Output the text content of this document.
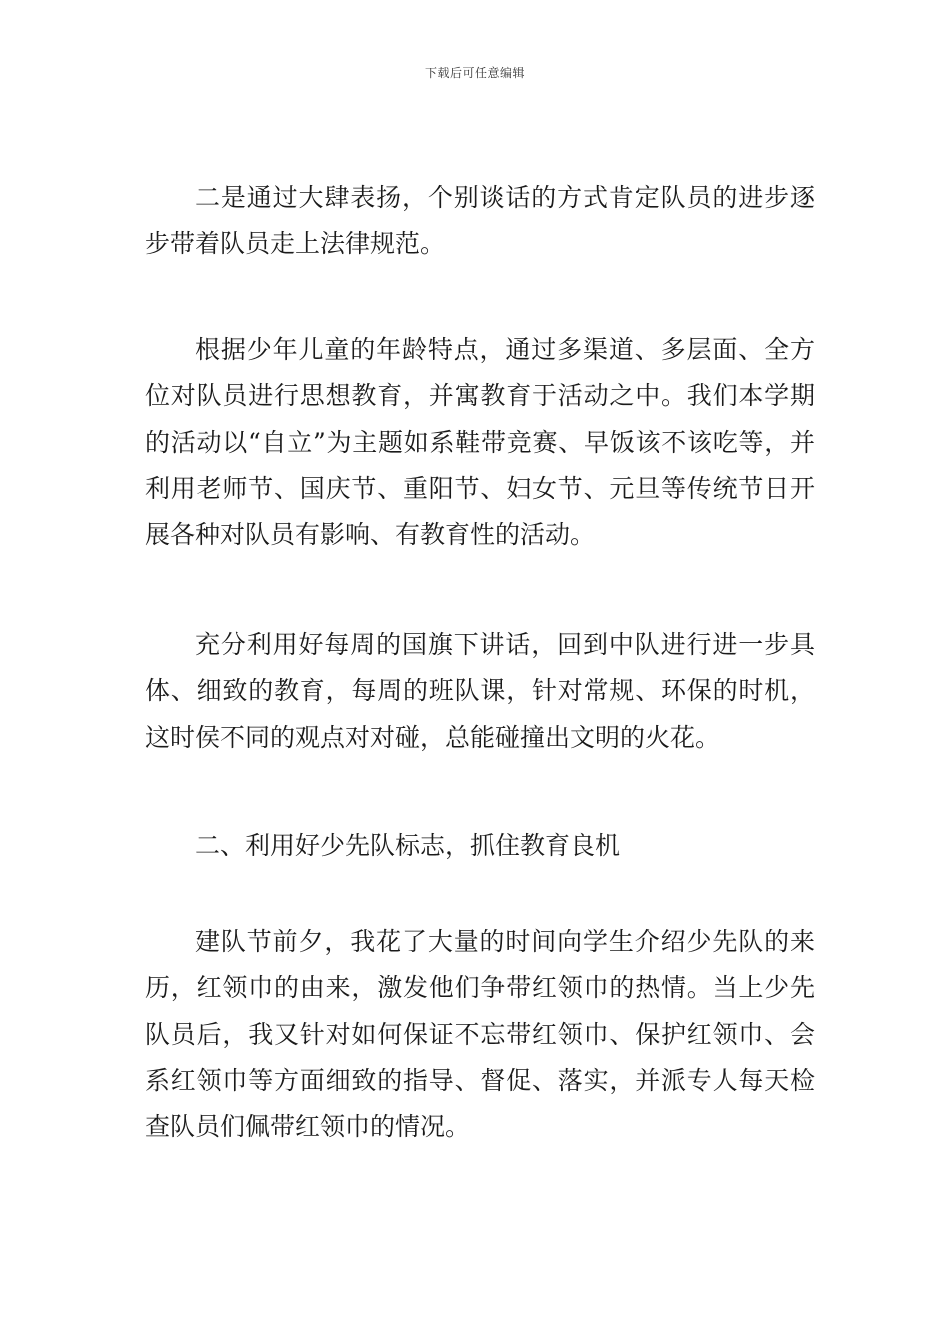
下载后可任意编辑

二是通过大肆表扬，个别谈话的方式肯定队员的进步逐步带着队员走上法律规范。

根据少年儿童的年龄特点，通过多渠道、多层面、全方位对队员进行思想教育，并寓教育于活动之中。我们本学期的活动以“自立”为主题如系鞋带竞赛、早饭该不该吃等，并利用老师节、国庆节、重阳节、妇女节、元旦等传统节日开展各种对队员有影响、有教育性的活动。

充分利用好每周的国旗下讲话，回到中队进行进一步具体、细致的教育，每周的班队课，针对常规、环保的时机，这时侯不同的观点对对碰，总能碰撞出文明的火花。

二、利用好少先队标志，抓住教育良机

建队节前夕，我花了大量的时间向学生介绍少先队的来历，红领巾的由来，激发他们争带红领巾的热情。当上少先队员后，我又针对如何保证不忘带红领巾、保护红领巾、会系红领巾等方面细致的指导、督促、落实，并派专人每天检查队员们佩带红领巾的情况。
